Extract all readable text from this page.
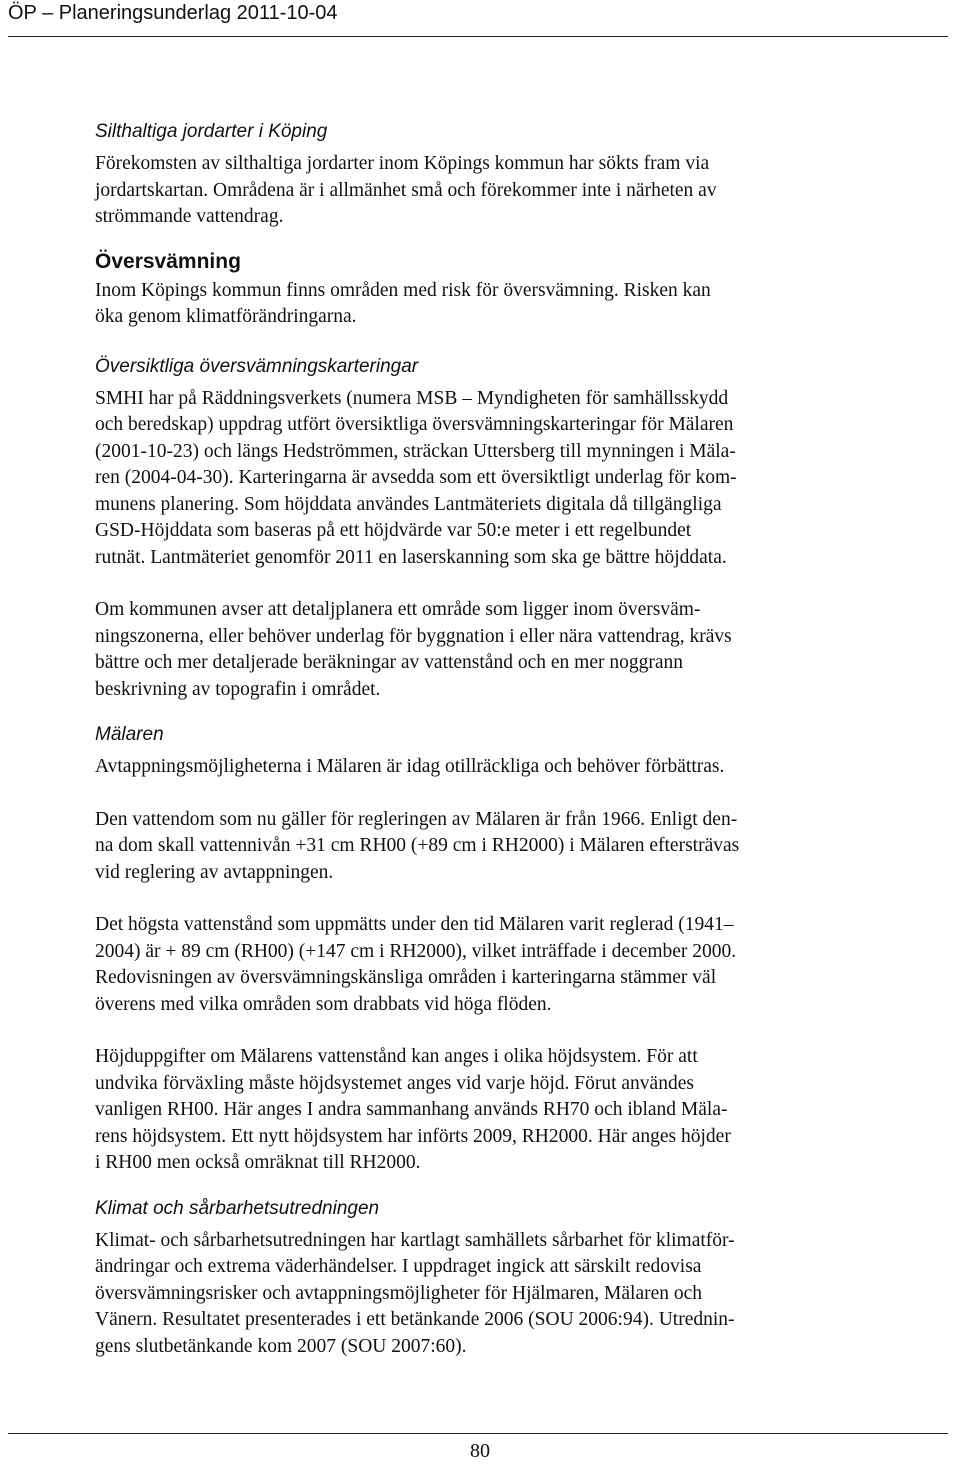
ÖP – Planeringsunderlag 2011-10-04

Silthaltiga jordarter i Köping

Förekomsten av silthaltiga jordarter inom Köpings kommun har sökts fram via
jordartskartan. Områdena är i allmänhet små och förekommer inte i närheten av
strömmande vattendrag.

Översvämning

Inom Köpings kommun finns områden med risk för översvämning. Risken kan
öka genom klimatförändringarna.

Översiktliga översvämningskarteringar

SMHI har på Räddningsverkets (numera MSB – Myndigheten för samhällsskydd
och beredskap) uppdrag utfört översiktliga översvämningskarteringar för Mälaren
(2001-10-23) och längs Hedströmmen, sträckan Uttersberg till mynningen i Mäla-
ren (2004-04-30). Karteringarna är avsedda som ett översiktligt underlag för kom-
munens planering. Som höjddata användes Lantmäteriets digitala då tillgängliga
GSD-Höjddata som baseras på ett höjdvärde var 50:e meter i ett regelbundet
rutnät. Lantmäteriet genomför 2011 en laserskanning som ska ge bättre höjddata.

Om kommunen avser att detaljplanera ett område som ligger inom översväm-
ningszonerna, eller behöver underlag för byggnation i eller nära vattendrag, krävs
bättre och mer detaljerade beräkningar av vattenstånd och en mer noggrann
beskrivning av topografin i området.

Mälaren

Avtappningsmöjligheterna i Mälaren är idag otillräckliga och behöver förbättras.

Den vattendom som nu gäller för regleringen av Mälaren är från 1966. Enligt den-
na dom skall vattennivån +31 cm RH00 (+89 cm i RH2000) i Mälaren eftersträvas
vid reglering av avtappningen.

Det högsta vattenstånd som uppmätts under den tid Mälaren varit reglerad (1941–
2004) är + 89 cm (RH00) (+147 cm i RH2000), vilket inträffade i december 2000.
Redovisningen av översvämningskänsliga områden i karteringarna stämmer väl
överens med vilka områden som drabbats vid höga flöden.

Höjduppgifter om Mälarens vattenstånd kan anges i olika höjdsystem. För att
undvika förväxling måste höjdsystemet anges vid varje höjd. Förut användes
vanligen RH00. Här anges I andra sammanhang används RH70 och ibland Mäla-
rens höjdsystem. Ett nytt höjdsystem har införts 2009, RH2000. Här anges höjder
i RH00 men också omräknat till RH2000.

Klimat och sårbarhetsutredningen

Klimat- och sårbarhetsutredningen har kartlagt samhällets sårbarhet för klimatför-
ändringar och extrema väderhändelser. I uppdraget ingick att särskilt redovisa
översvämningsrisker och avtappningsmöjligheter för Hjälmaren, Mälaren och
Vänern. Resultatet presenterades i ett betänkande 2006 (SOU 2006:94). Utrednin-
gens slutbetänkande kom 2007 (SOU 2007:60).

80
